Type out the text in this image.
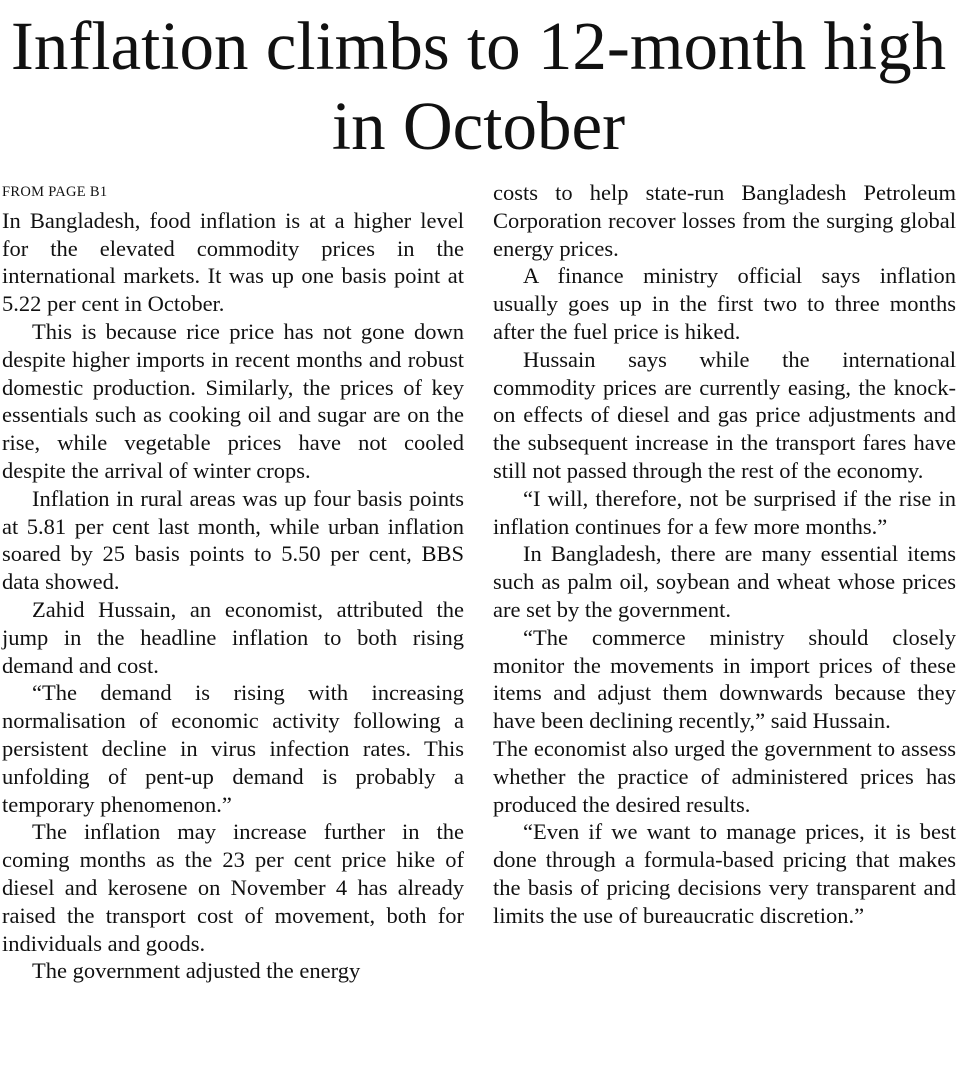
Inflation climbs to 12-month high in October
FROM PAGE B1

In Bangladesh, food inflation is at a higher level for the elevated commodity prices in the international markets. It was up one basis point at 5.22 per cent in October.

This is because rice price has not gone down despite higher imports in recent months and robust domestic production. Similarly, the prices of key essentials such as cooking oil and sugar are on the rise, while vegetable prices have not cooled despite the arrival of winter crops.

Inflation in rural areas was up four basis points at 5.81 per cent last month, while urban inflation soared by 25 basis points to 5.50 per cent, BBS data showed.

Zahid Hussain, an economist, attributed the jump in the headline inflation to both rising demand and cost.

“The demand is rising with increasing normalisation of economic activity following a persistent decline in virus infection rates. This unfolding of pent-up demand is probably a temporary phenomenon.”

The inflation may increase further in the coming months as the 23 per cent price hike of diesel and kerosene on November 4 has already raised the transport cost of movement, both for individuals and goods.

The government adjusted the energy

costs to help state-run Bangladesh Petroleum Corporation recover losses from the surging global energy prices.

A finance ministry official says inflation usually goes up in the first two to three months after the fuel price is hiked.

Hussain says while the international commodity prices are currently easing, the knock-on effects of diesel and gas price adjustments and the subsequent increase in the transport fares have still not passed through the rest of the economy.

“I will, therefore, not be surprised if the rise in inflation continues for a few more months.”

In Bangladesh, there are many essential items such as palm oil, soybean and wheat whose prices are set by the government.

“The commerce ministry should closely monitor the movements in import prices of these items and adjust them downwards because they have been declining recently,” said Hussain.

The economist also urged the government to assess whether the practice of administered prices has produced the desired results.

“Even if we want to manage prices, it is best done through a formula-based pricing that makes the basis of pricing decisions very transparent and limits the use of bureaucratic discretion.”
